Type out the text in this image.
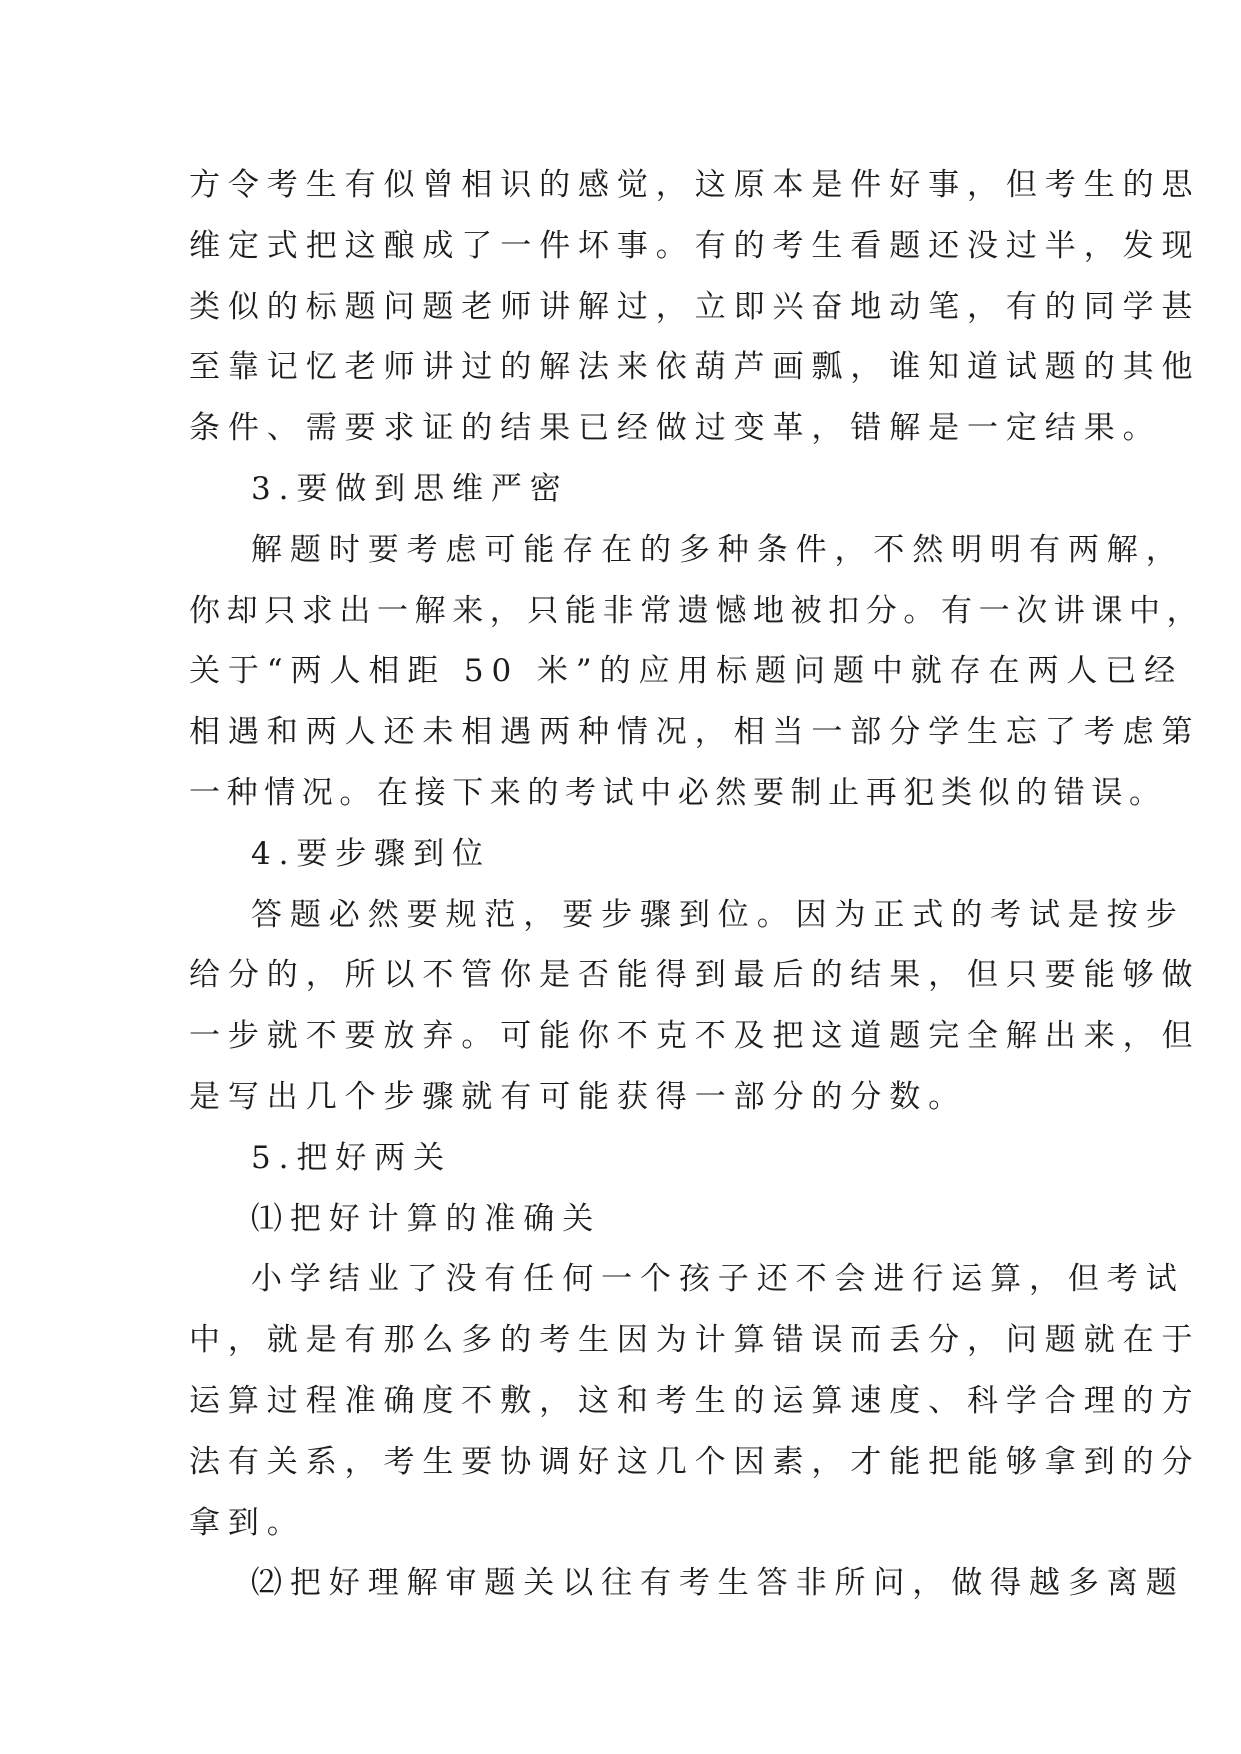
方令考生有似曾相识的感觉，这原本是件好事，但考生的思
维定式把这酿成了一件坏事。有的考生看题还没过半，发现
类似的标题问题老师讲解过，立即兴奋地动笔，有的同学甚
至靠记忆老师讲过的解法来依葫芦画瓢，谁知道试题的其他
条件、需要求证的结果已经做过变革，错解是一定结果。
3.要做到思维严密
解题时要考虑可能存在的多种条件，不然明明有两解，
你却只求出一解来，只能非常遗憾地被扣分。有一次讲课中，
关于“两人相距 50 米”的应用标题问题中就存在两人已经
相遇和两人还未相遇两种情况，相当一部分学生忘了考虑第
一种情况。在接下来的考试中必然要制止再犯类似的错误。
4.要步骤到位
答题必然要规范，要步骤到位。因为正式的考试是按步
给分的，所以不管你是否能得到最后的结果，但只要能够做
一步就不要放弃。可能你不克不及把这道题完全解出来，但
是写出几个步骤就有可能获得一部分的分数。
5.把好两关
⑴把好计算的准确关
小学结业了没有任何一个孩子还不会进行运算，但考试
中，就是有那么多的考生因为计算错误而丢分，问题就在于
运算过程准确度不敷，这和考生的运算速度、科学合理的方
法有关系，考生要协调好这几个因素，才能把能够拿到的分
拿到。
⑵把好理解审题关以往有考生答非所问，做得越多离题
